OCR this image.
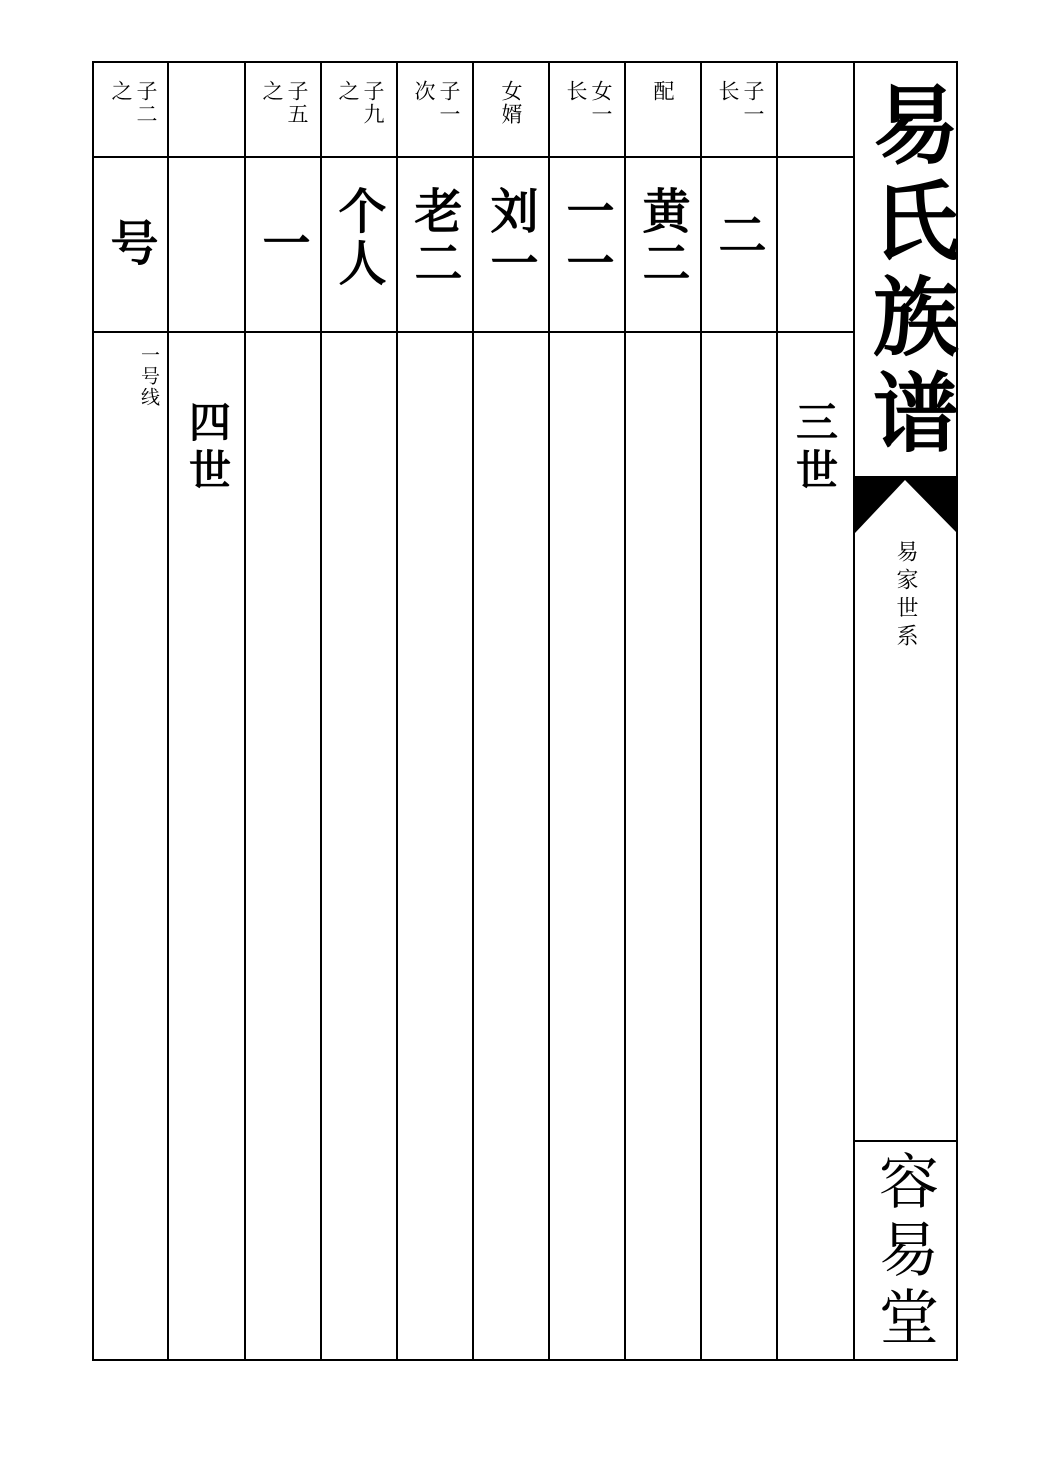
易氏族谱
易家世系
容易堂
三世
四世
一号线
子二之
号
子五之
一
子九之
个人
子一次
老二
女婿
刘一
女一长
一一
配
黄二
子一长
二
